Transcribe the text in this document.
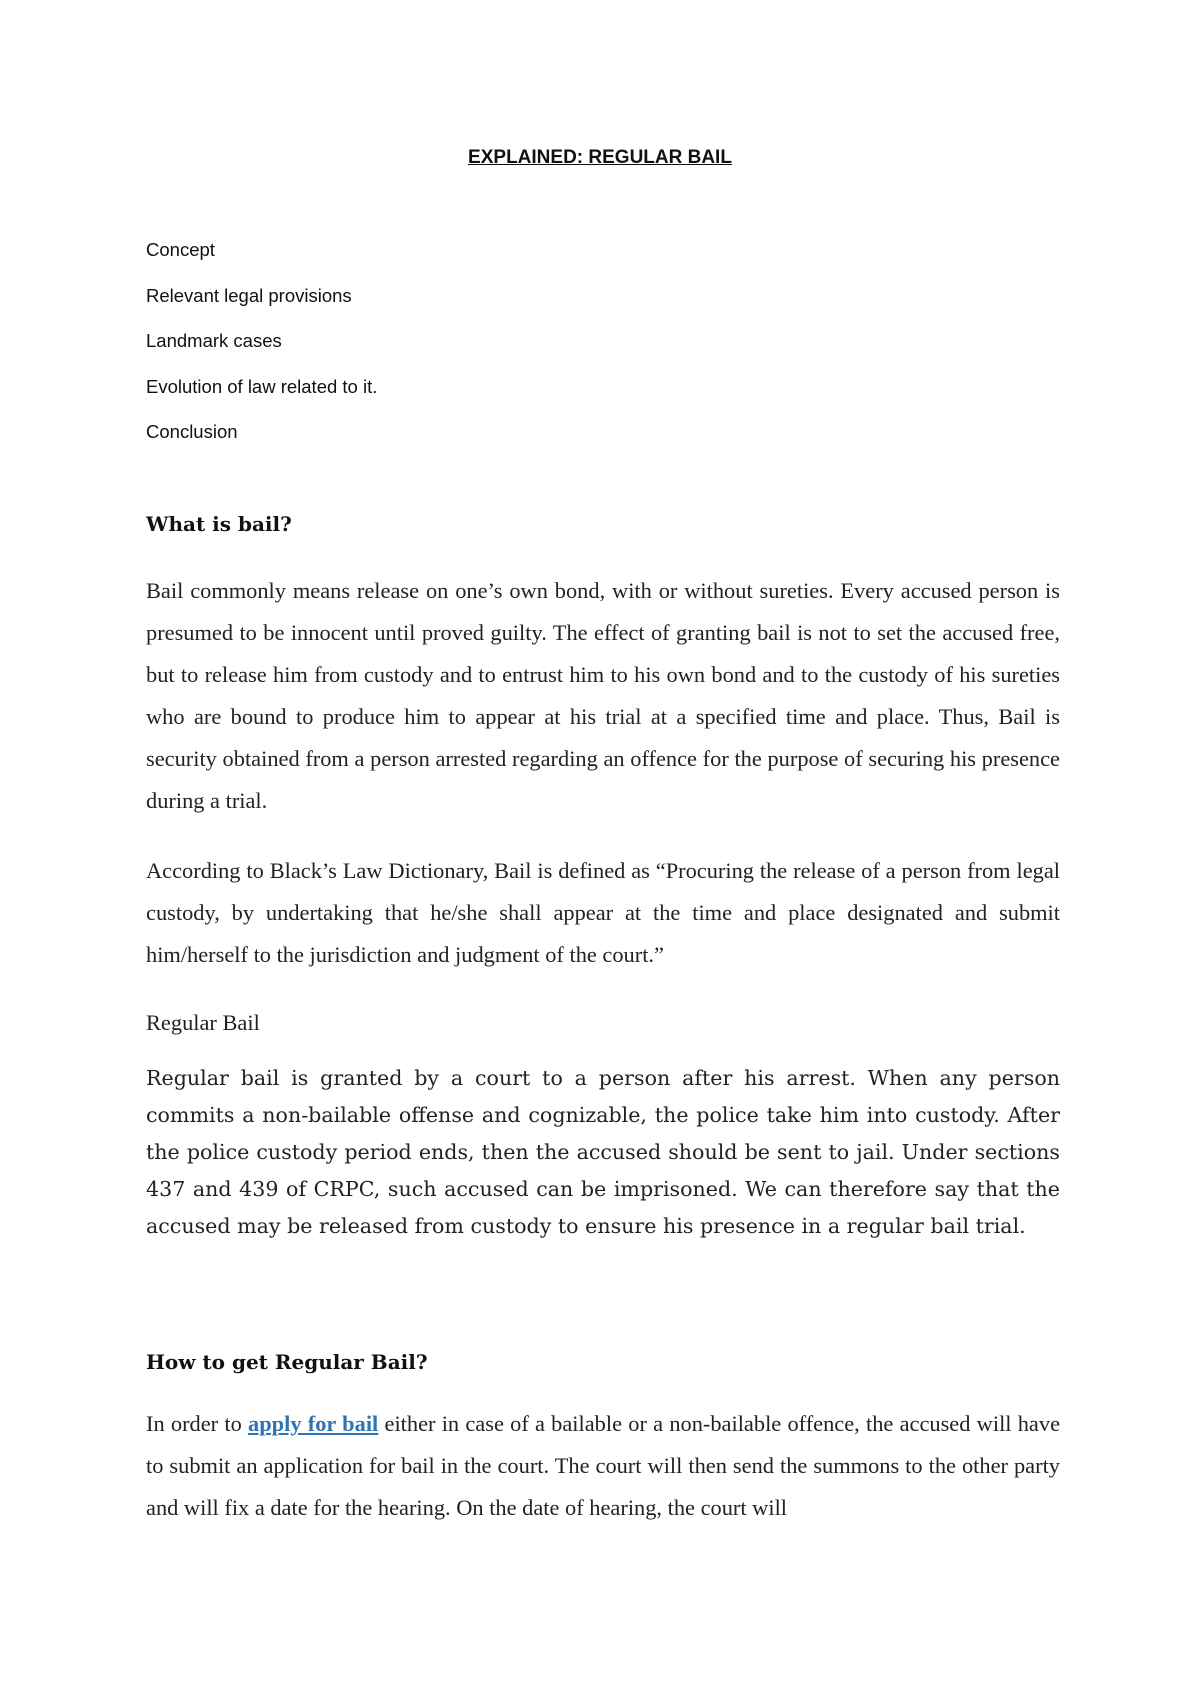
EXPLAINED: REGULAR BAIL

Concept
Relevant legal provisions
Landmark cases
Evolution of law related to it.
Conclusion
What is bail?

Bail commonly means release on one’s own bond, with or without sureties. Every accused person is presumed to be innocent until proved guilty. The effect of granting bail is not to set the accused free, but to release him from custody and to entrust him to his own bond and to the custody of his sureties who are bound to produce him to appear at his trial at a specified time and place. Thus, Bail is security obtained from a person arrested regarding an offence for the purpose of securing his presence during a trial.

According to Black’s Law Dictionary, Bail is defined as “Procuring the release of a person from legal custody, by undertaking that he/she shall appear at the time and place designated and submit him/herself to the jurisdiction and judgment of the court.”

Regular Bail

Regular bail is granted by a court to a person after his arrest. When any person commits a non-bailable offense and cognizable, the police take him into custody. After the police custody period ends, then the accused should be sent to jail. Under sections 437 and 439 of CRPC, such accused can be imprisoned. We can therefore say that the accused may be released from custody to ensure his presence in a regular bail trial.

How to get Regular Bail?

In order to apply for bail either in case of a bailable or a non-bailable offence, the accused will have to submit an application for bail in the court. The court will then send the summons to the other party and will fix a date for the hearing. On the date of hearing, the court will
